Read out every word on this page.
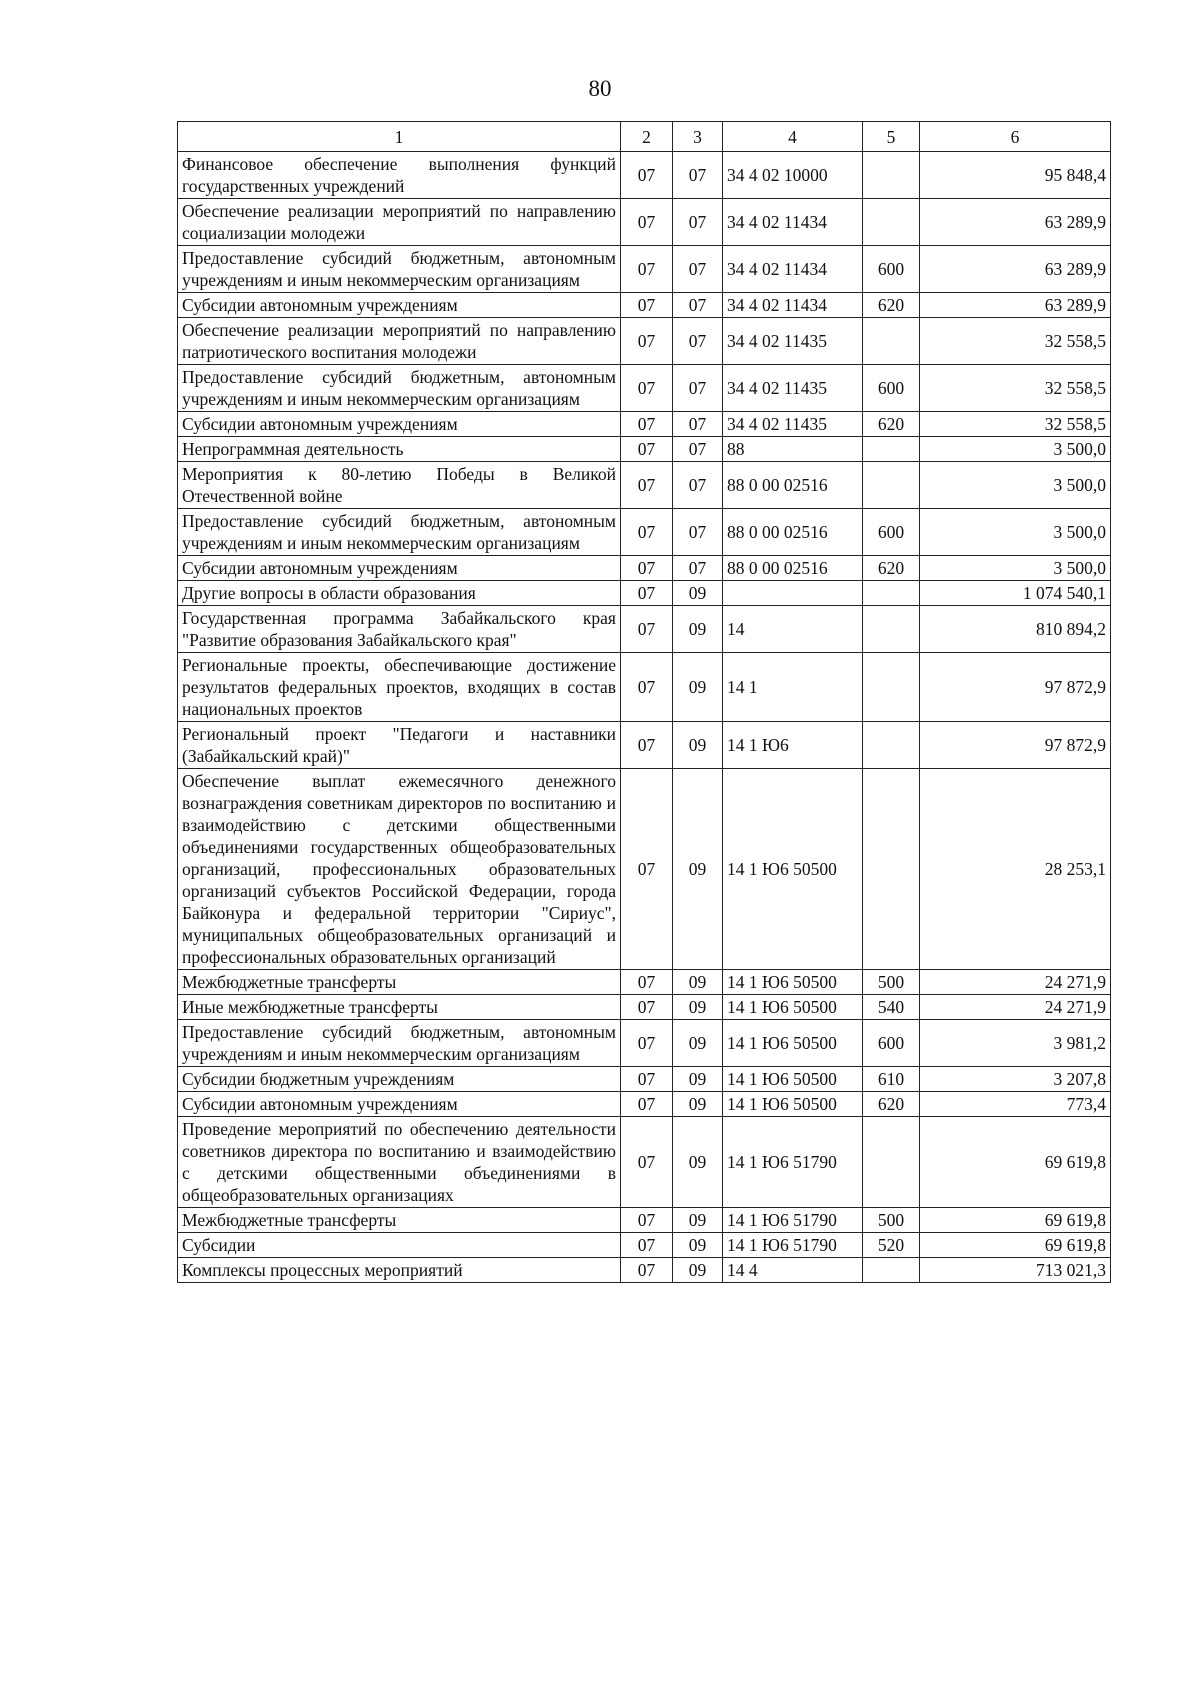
80
1	2	3	4	5	6
Финансовое обеспечение выполнения функций государственных учреждений	07	07	34 4 02 10000		95 848,4
Обеспечение реализации мероприятий по направлению социализации молодежи	07	07	34 4 02 11434		63 289,9
Предоставление субсидий бюджетным, автономным учреждениям и иным некоммерческим организациям	07	07	34 4 02 11434	600	63 289,9
Субсидии автономным учреждениям	07	07	34 4 02 11434	620	63 289,9
Обеспечение реализации мероприятий по направлению патриотического воспитания молодежи	07	07	34 4 02 11435		32 558,5
Предоставление субсидий бюджетным, автономным учреждениям и иным некоммерческим организациям	07	07	34 4 02 11435	600	32 558,5
Субсидии автономным учреждениям	07	07	34 4 02 11435	620	32 558,5
Непрограммная деятельность	07	07	88		3 500,0
Мероприятия к 80-летию Победы в Великой Отечественной войне	07	07	88 0 00 02516		3 500,0
Предоставление субсидий бюджетным, автономным учреждениям и иным некоммерческим организациям	07	07	88 0 00 02516	600	3 500,0
Субсидии автономным учреждениям	07	07	88 0 00 02516	620	3 500,0
Другие вопросы в области образования	07	09			1 074 540,1
Государственная программа Забайкальского края "Развитие образования Забайкальского края"	07	09	14		810 894,2
Региональные проекты, обеспечивающие достижение результатов федеральных проектов, входящих в состав национальных проектов	07	09	14 1		97 872,9
Региональный проект "Педагоги и наставники (Забайкальский край)"	07	09	14 1 Ю6		97 872,9
Обеспечение выплат ежемесячного денежного вознаграждения советникам директоров по воспитанию и взаимодействию с детскими общественными объединениями государственных общеобразовательных организаций, профессиональных образовательных организаций субъектов Российской Федерации, города Байконура и федеральной территории "Сириус", муниципальных общеобразовательных организаций и профессиональных образовательных организаций	07	09	14 1 Ю6 50500		28 253,1
Межбюджетные трансферты	07	09	14 1 Ю6 50500	500	24 271,9
Иные межбюджетные трансферты	07	09	14 1 Ю6 50500	540	24 271,9
Предоставление субсидий бюджетным, автономным учреждениям и иным некоммерческим организациям	07	09	14 1 Ю6 50500	600	3 981,2
Субсидии бюджетным учреждениям	07	09	14 1 Ю6 50500	610	3 207,8
Субсидии автономным учреждениям	07	09	14 1 Ю6 50500	620	773,4
Проведение мероприятий по обеспечению деятельности советников директора по воспитанию и взаимодействию с детскими общественными объединениями в общеобразовательных организациях	07	09	14 1 Ю6 51790		69 619,8
Межбюджетные трансферты	07	09	14 1 Ю6 51790	500	69 619,8
Субсидии	07	09	14 1 Ю6 51790	520	69 619,8
Комплексы процессных мероприятий	07	09	14 4		713 021,3
